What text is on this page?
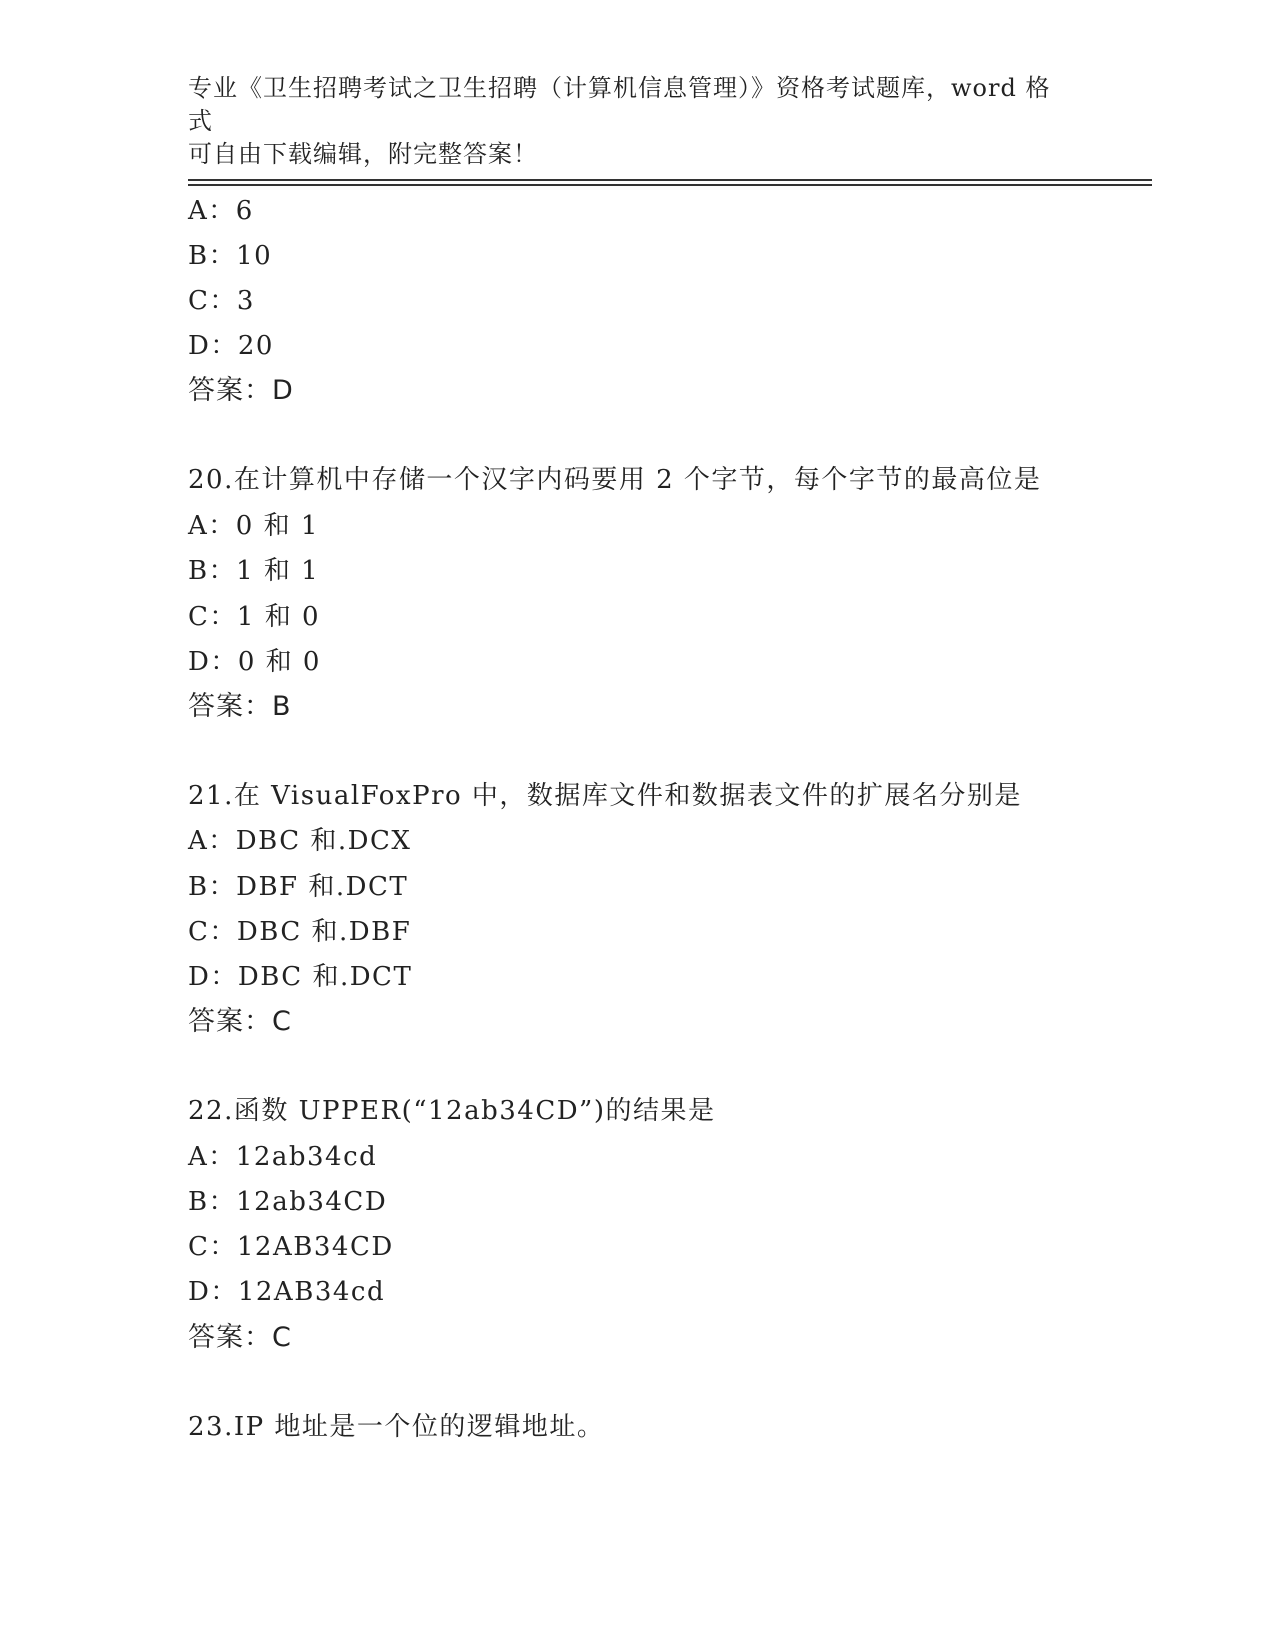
专业《卫生招聘考试之卫生招聘（计算机信息管理）》资格考试题库，word 格式
可自由下载编辑，附完整答案！
A：6
B：10
C：3
D：20
答案：D
20.在计算机中存储一个汉字内码要用 2 个字节，每个字节的最高位是
A：0 和 1
B：1 和 1
C：1 和 0
D：0 和 0
答案：B
21.在 VisualFoxPro 中，数据库文件和数据表文件的扩展名分别是
A：DBC 和.DCX
B：DBF 和.DCT
C：DBC 和.DBF
D：DBC 和.DCT
答案：C
22.函数 UPPER(“12ab34CD”)的结果是
A：12ab34cd
B：12ab34CD
C：12AB34CD
D：12AB34cd
答案：C
23.IP 地址是一个位的逻辑地址。
